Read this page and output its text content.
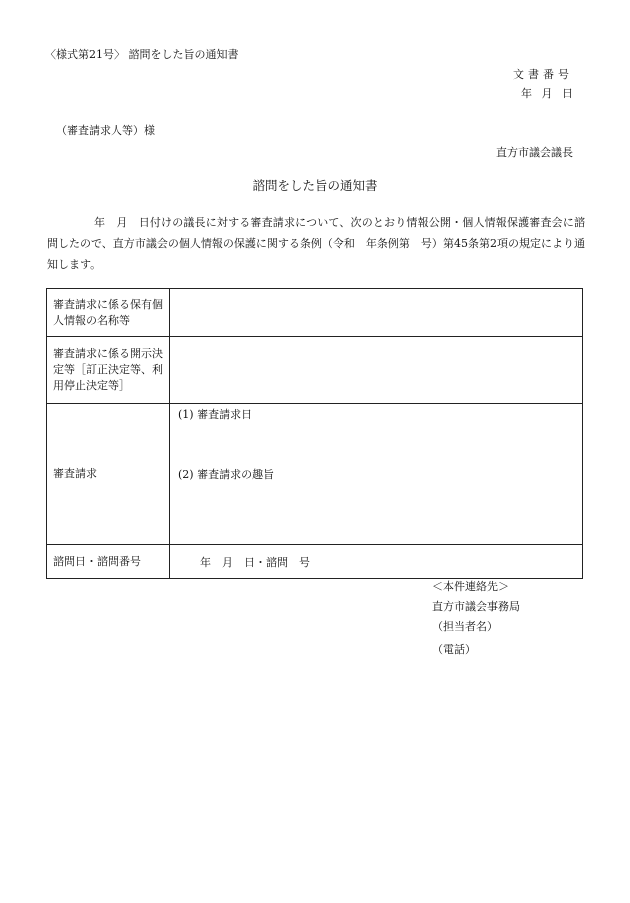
〈様式第21号〉 諮問をした旨の通知書
文書番号
年 月 日
（審査請求人等）様
直方市議会議長
諮問をした旨の通知書

年　月　日付けの議長に対する審査請求について、次のとおり情報公開・個人情報保護審査会に諮問したので、直方市議会の個人情報の保護に関する条例（令和　年条例第　号）第45条第2項の規定により通知します。

審査請求に係る保有個人情報の名称等	
審査請求に係る開示決定等［訂正決定等、利用停止決定等］	
審査請求	(1) 審査請求日
(2) 審査請求の趣旨

諮問日・諮問番号	年　月　日・諮問　号
＜本件連絡先＞
直方市議会事務局
（担当者名）
（電話）
